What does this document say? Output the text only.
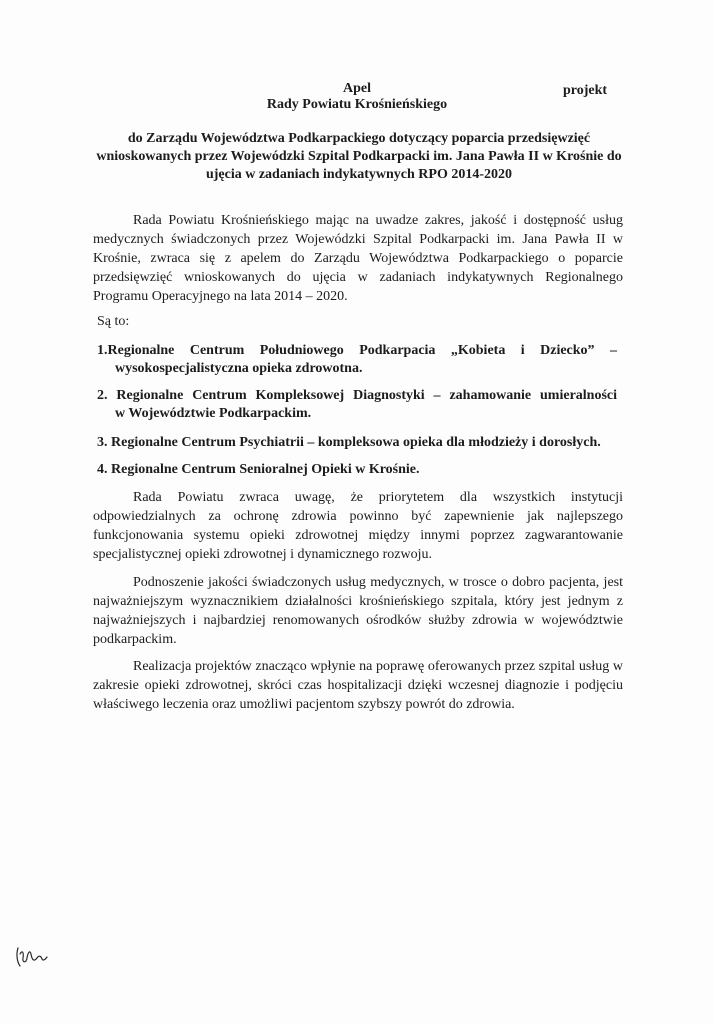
Apel

Rady Powiatu Krośnieńskiego

projekt

do Zarządu Województwa Podkarpackiego dotyczący poparcia przedsięwzięć wnioskowanych przez Wojewódzki Szpital Podkarpacki im. Jana Pawła II w Krośnie do ujęcia w zadaniach indykatywnych RPO 2014-2020

Rada Powiatu Krośnieńskiego mając na uwadze zakres, jakość i dostępność usług medycznych świadczonych przez Wojewódzki Szpital Podkarpacki im. Jana Pawła II w Krośnie, zwraca się z apelem do Zarządu Województwa Podkarpackiego o poparcie przedsięwzięć wnioskowanych do ujęcia w zadaniach indykatywnych Regionalnego Programu Operacyjnego na lata 2014 – 2020.

Są to:

1.Regionalne Centrum Południowego Podkarpacia „Kobieta i Dziecko” –
wysokospecjalistyczna opieka zdrowotna.
2. Regionalne Centrum Kompleksowej Diagnostyki – zahamowanie umieralności
w Województwie Podkarpackim.
3. Regionalne Centrum Psychiatrii – kompleksowa opieka dla młodzieży i dorosłych.
4. Regionalne Centrum Senioralnej Opieki w Krośnie.

Rada Powiatu zwraca uwagę, że priorytetem dla wszystkich instytucji odpowiedzialnych za ochronę zdrowia powinno być zapewnienie jak najlepszego funkcjonowania systemu opieki zdrowotnej między innymi poprzez zagwarantowanie specjalistycznej opieki zdrowotnej i dynamicznego rozwoju.

Podnoszenie jakości świadczonych usług medycznych, w trosce o dobro pacjenta, jest najważniejszym wyznacznikiem działalności krośnieńskiego szpitala, który jest jednym z najważniejszych i najbardziej renomowanych ośrodków służby zdrowia w województwie podkarpackim.

Realizacja projektów znacząco wpłynie na poprawę oferowanych przez szpital usług w zakresie opieki zdrowotnej, skróci czas hospitalizacji dzięki wczesnej diagnozie i podjęciu właściwego leczenia oraz umożliwi pacjentom szybszy powrót do zdrowia.
